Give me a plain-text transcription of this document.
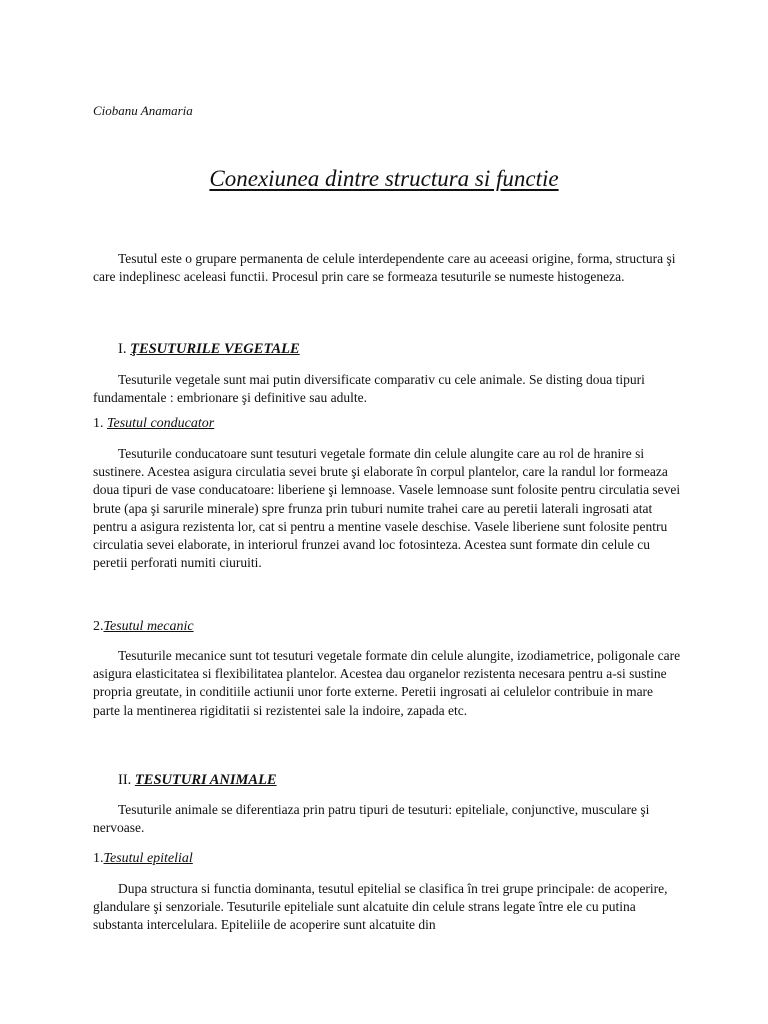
Ciobanu Anamaria
Conexiunea dintre structura si functie

Tesutul este o grupare permanenta de celule interdependente care au aceeasi origine, forma, structura şi care indeplinesc aceleasi functii. Procesul prin care se formeaza tesuturile se numeste histogeneza.

I. ŢESUTURILE VEGETALE

Tesuturile vegetale sunt mai putin diversificate comparativ cu cele animale. Se disting doua tipuri fundamentale : embrionare şi definitive sau adulte.

1. Tesutul conducator

Tesuturile conducatoare sunt tesuturi vegetale formate din celule alungite care au rol de hranire si sustinere. Acestea asigura circulatia sevei brute şi elaborate în corpul plantelor, care la randul lor formeaza doua tipuri de vase conducatoare: liberiene şi lemnoase. Vasele lemnoase sunt folosite pentru circulatia sevei brute (apa şi sarurile minerale) spre frunza prin tuburi numite trahei care au peretii laterali ingrosati atat pentru a asigura rezistenta lor, cat si pentru a mentine vasele deschise. Vasele liberiene sunt folosite pentru circulatia sevei elaborate, in interiorul frunzei avand loc fotosinteza. Acestea sunt formate din celule cu peretii perforati numiti ciuruiti.

2.Tesutul mecanic

Tesuturile mecanice sunt tot tesuturi vegetale formate din celule alungite, izodiametrice, poligonale care asigura elasticitatea si flexibilitatea plantelor. Acestea dau organelor rezistenta necesara pentru a-si sustine propria greutate, in conditiile actiunii unor forte externe. Peretii ingrosati ai celulelor contribuie in mare parte la mentinerea rigiditatii si rezistentei sale la indoire, zapada etc.

II. TESUTURI ANIMALE

Tesuturile animale se diferentiaza prin patru tipuri de tesuturi: epiteliale, conjunctive, musculare şi nervoase.

1.Tesutul epitelial

Dupa structura si functia dominanta, tesutul epitelial se clasifica în trei grupe principale: de acoperire, glandulare şi senzoriale. Tesuturile epiteliale sunt alcatuite din celule strans legate între ele cu putina substanta intercelulara. Epiteliile de acoperire sunt alcatuite din
